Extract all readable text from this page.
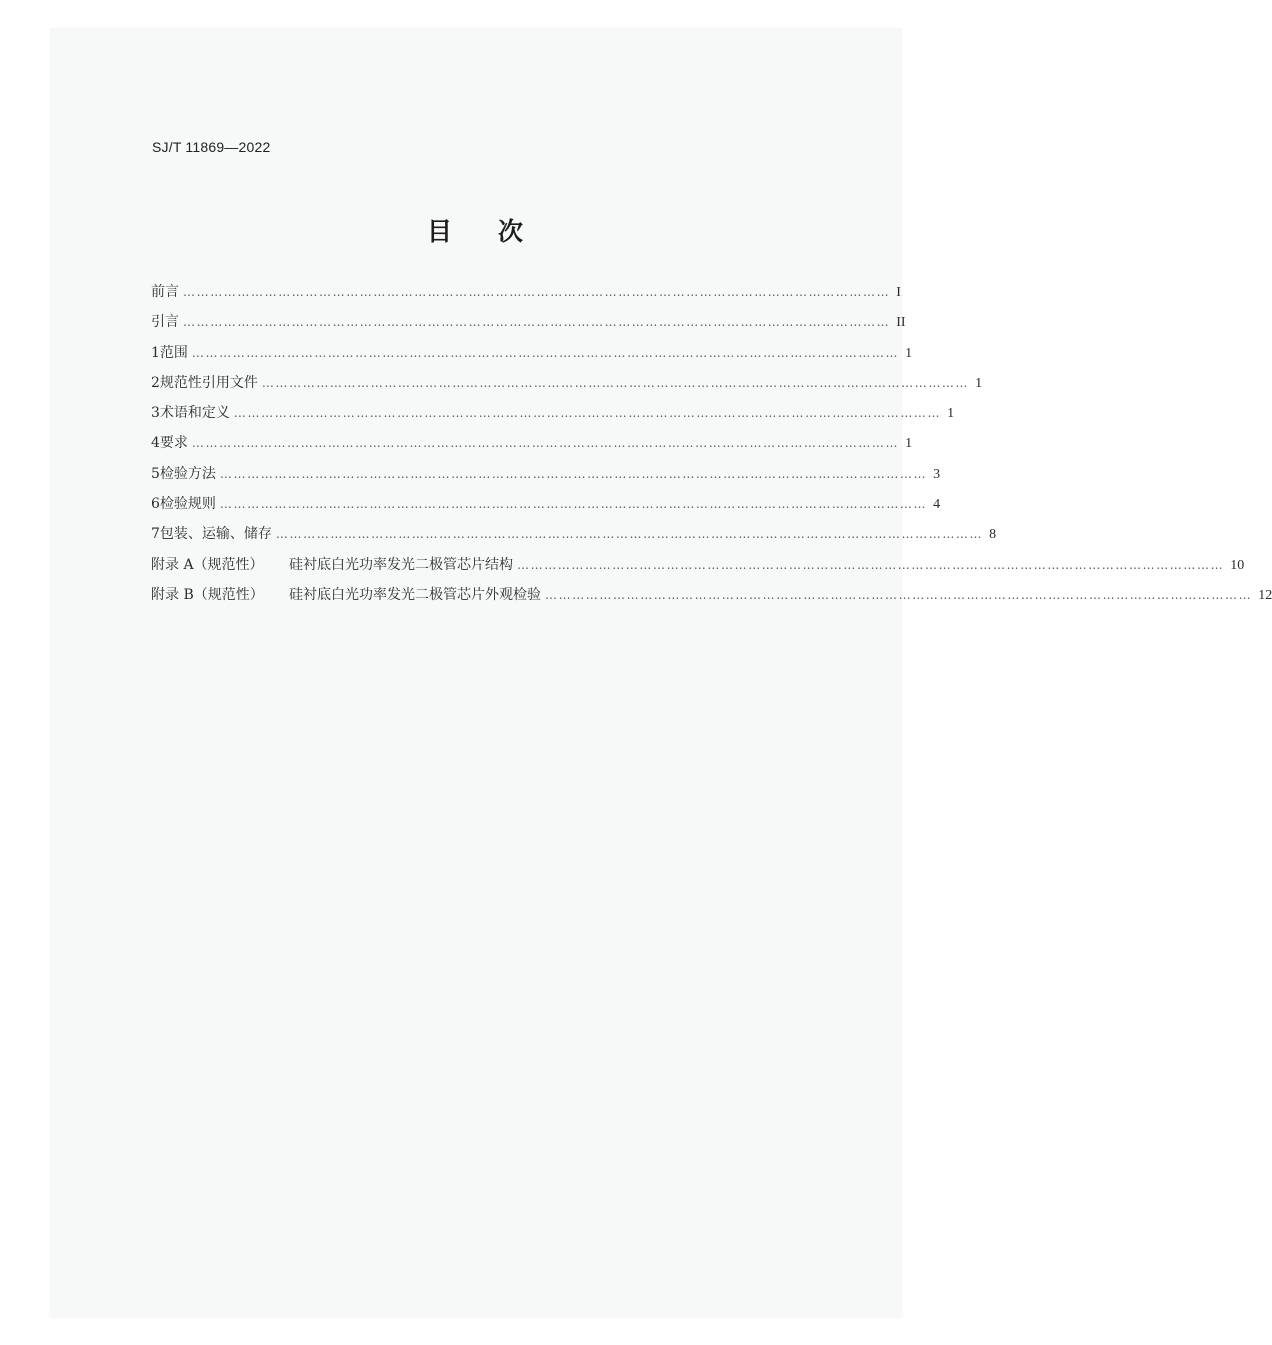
SJ/T 11869—2022
目 次
前言 ………………………………………………………………………………………………………………………………………… I
引言 ………………………………………………………………………………………………………………………………………… II
1 范围 ………………………………………………………………………………………………………………………………………… 1
2 规范性引用文件 ………………………………………………………………………………………………………………………………………… 1
3 术语和定义 ………………………………………………………………………………………………………………………………………… 1
4 要求 ………………………………………………………………………………………………………………………………………… 1
5 检验方法 ………………………………………………………………………………………………………………………………………… 3
6 检验规则 ………………………………………………………………………………………………………………………………………… 4
7 包装、运输、储存 ………………………………………………………………………………………………………………………………………… 8
附录 A（规范性） 硅衬底白光功率发光二极管芯片结构 ………………………………………………………………………………………………………………………………………… 10
附录 B（规范性） 硅衬底白光功率发光二极管芯片外观检验 ………………………………………………………………………………………………………………………………………… 12
